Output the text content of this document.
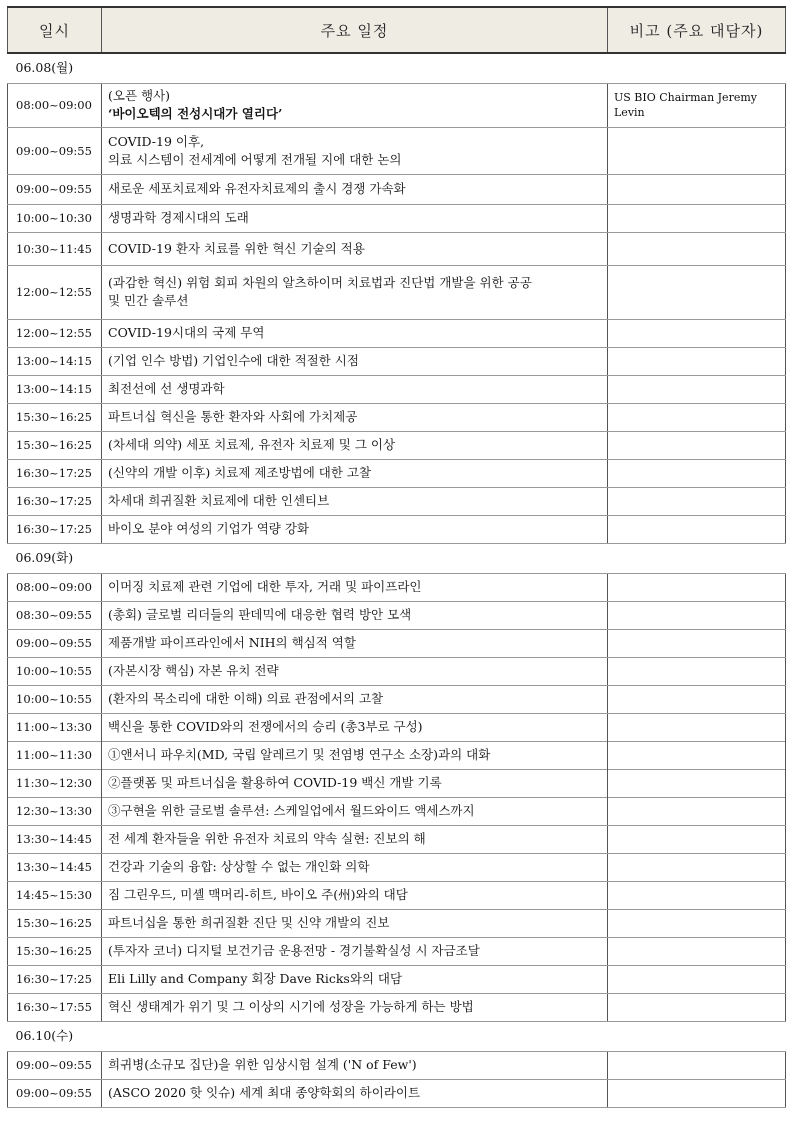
일시	주요 일정	비고 (주요 대담자)
06.08(월)		
08:00~09:00	(오픈 행사)
‘바이오텍의 전성시대가 열리다’	US BIO Chairman Jeremy Levin
09:00~09:55	COVID-19 이후,
의료 시스템이 전세계에 어떻게 전개될 지에 대한 논의	

09:00~09:55	새로운 세포치료제와 유전자치료제의 출시 경쟁 가속화	
10:00~10:30	생명과학 경제시대의 도래	
10:30~11:45	COVID-19 환자 치료를 위한 혁신 기술의 적용	
12:00~12:55	(과감한 혁신) 위험 회피 차원의 알츠하이머 치료법과 진단법 개발을 위한 공공
및 민간 솔루션	

12:00~12:55	COVID-19시대의 국제 무역	
13:00~14:15	(기업 인수 방법) 기업인수에 대한 적절한 시점	
13:00~14:15	최전선에 선 생명과학	
15:30~16:25	파트너십 혁신을 통한 환자와 사회에 가치제공	
15:30~16:25	(차세대 의약) 세포 치료제, 유전자 치료제 및 그 이상	
16:30~17:25	(신약의 개발 이후) 치료제 제조방법에 대한 고찰	
16:30~17:25	차세대 희귀질환 치료제에 대한 인센티브	
16:30~17:25	바이오 분야 여성의 기업가 역량 강화	
06.09(화)		
08:00~09:00	이머징 치료제 관련 기업에 대한 투자, 거래 및 파이프라인	
08:30~09:55	(총회) 글로벌 리더들의 판데믹에 대응한 협력 방안 모색	
09:00~09:55	제품개발 파이프라인에서 NIH의 핵심적 역할	
10:00~10:55	(자본시장 핵심) 자본 유치 전략	
10:00~10:55	(환자의 목소리에 대한 이해) 의료 관점에서의 고찰	
11:00~13:30	백신을 통한 COVID와의 전쟁에서의 승리 (총3부로 구성)	
11:00~11:30	①앤서니 파우치(MD, 국립 알레르기 및 전염병 연구소 소장)과의 대화	
11:30~12:30	②플랫폼 및 파트너십을 활용하여 COVID-19 백신 개발 기록	
12:30~13:30	③구현을 위한 글로벌 솔루션: 스케일업에서 월드와이드 액세스까지	
13:30~14:45	전 세계 환자들을 위한 유전자 치료의 약속 실현: 진보의 해	
13:30~14:45	건강과 기술의 융합: 상상할 수 없는 개인화 의학	
14:45~15:30	짐 그린우드, 미셸 맥머리-히트, 바이오 주(州)와의 대담	
15:30~16:25	파트너십을 통한 희귀질환 진단 및 신약 개발의 진보	
15:30~16:25	(투자자 코너) 디지털 보건기금 운용전망 - 경기불확실성 시 자금조달	
16:30~17:25	Eli Lilly and Company 회장 Dave Ricks와의 대담	
16:30~17:55	혁신 생태계가 위기 및 그 이상의 시기에 성장을 가능하게 하는 방법	
06.10(수)		
09:00~09:55	희귀병(소규모 집단)을 위한 임상시험 설계 ('N of Few')	
09:00~09:55	(ASCO 2020 핫 잇슈) 세계 최대 종양학회의 하이라이트	
